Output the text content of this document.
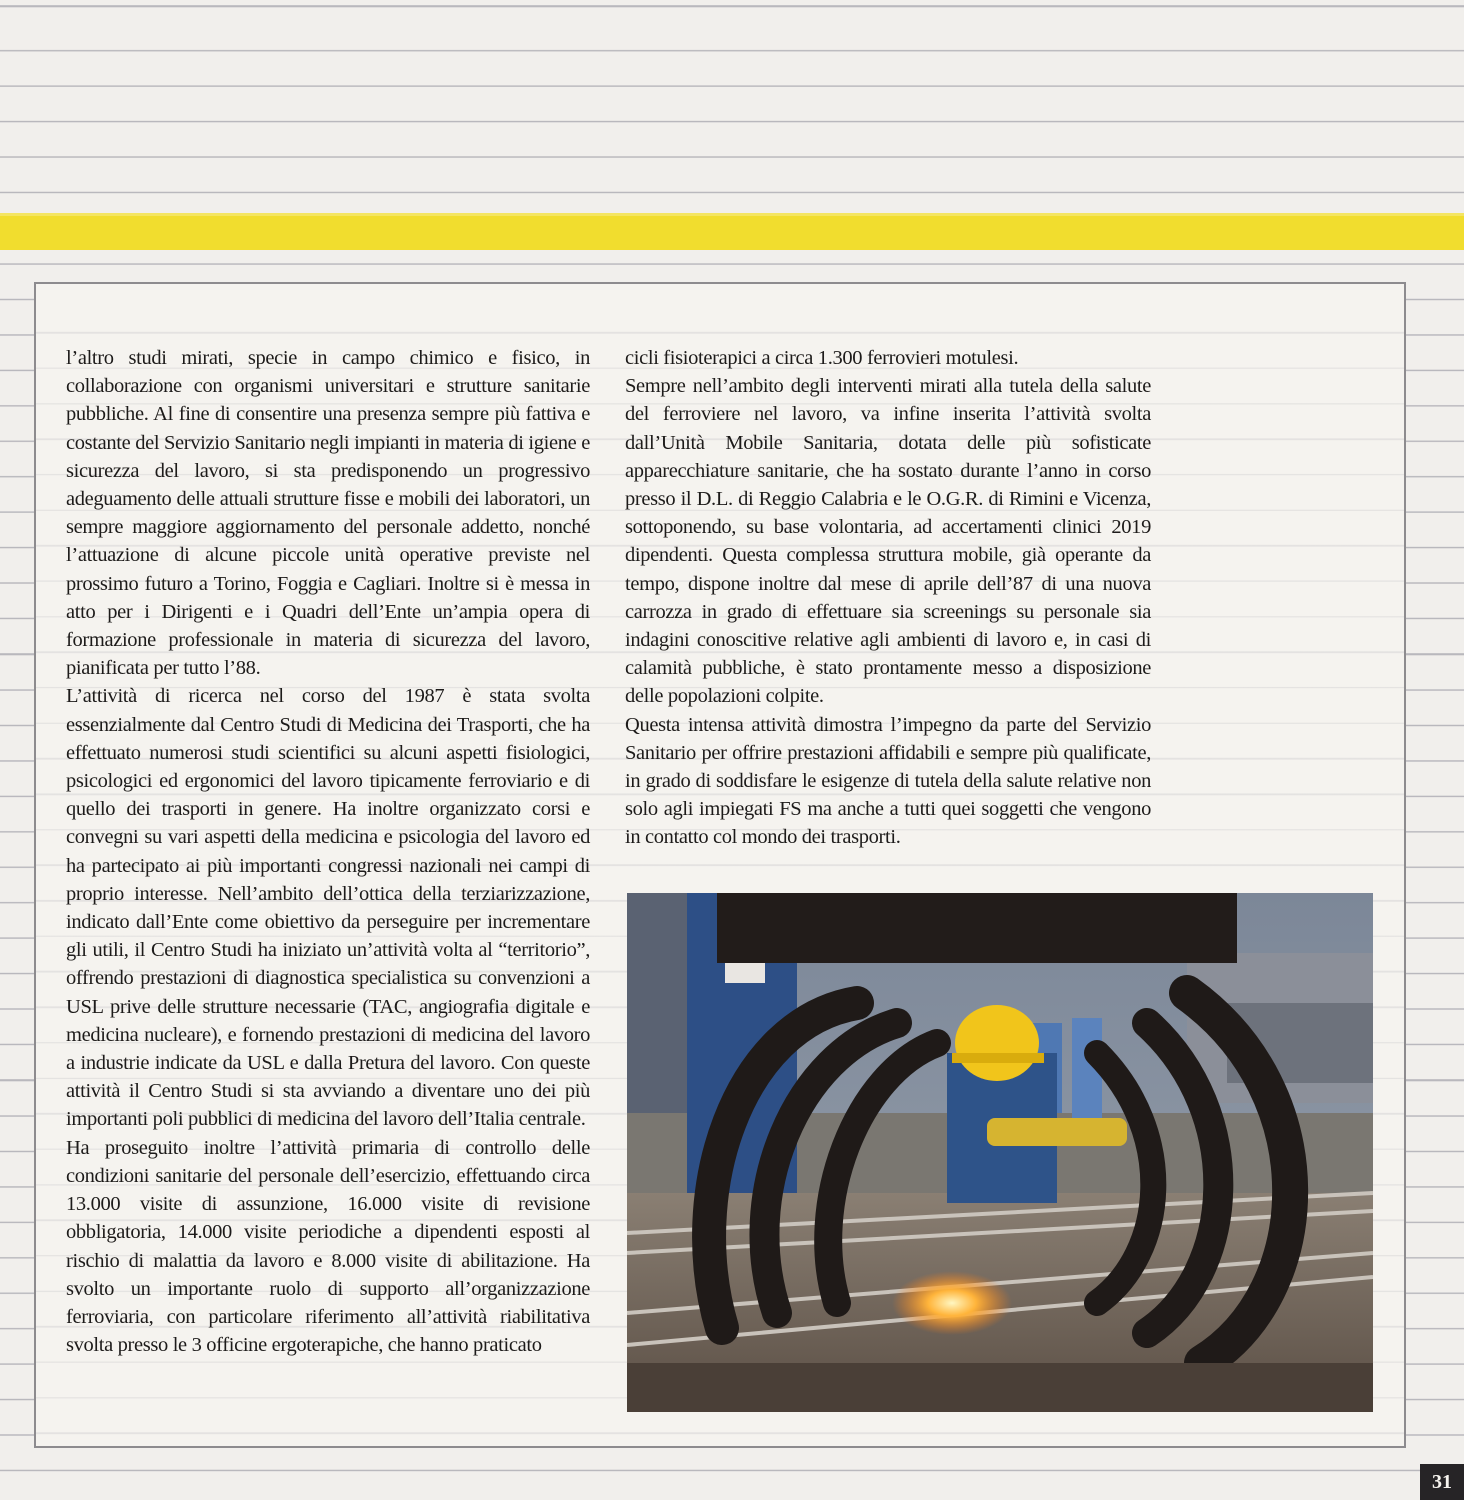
l’altro studi mirati, specie in campo chimico e fisico, in collaborazione con organismi universitari e strutture sanitarie pubbliche. Al fine di consentire una presenza sempre più fattiva e costante del Servizio Sanitario negli impianti in materia di igiene e sicurezza del lavoro, si sta predisponendo un progressivo adeguamento delle attuali strutture fisse e mobili dei laboratori, un sempre maggiore aggiornamento del personale addetto, nonché l’attuazione di alcune piccole unità operative previste nel prossimo futuro a Torino, Foggia e Cagliari. Inoltre si è messa in atto per i Dirigenti e i Quadri dell’Ente un’ampia opera di formazione professionale in materia di sicurezza del lavoro, pianificata per tutto l’88.

L’attività di ricerca nel corso del 1987 è stata svolta essenzialmente dal Centro Studi di Medicina dei Trasporti, che ha effettuato numerosi studi scientifici su alcuni aspetti fisiologici, psicologici ed ergonomici del lavoro tipicamente ferroviario e di quello dei trasporti in genere. Ha inoltre organizzato corsi e convegni su vari aspetti della medicina e psicologia del lavoro ed ha partecipato ai più importanti congressi nazionali nei campi di proprio interesse. Nell’ambito dell’ottica della terziarizzazione, indicato dall’Ente come obiettivo da perseguire per incrementare gli utili, il Centro Studi ha iniziato un’attività volta al “territorio”, offrendo prestazioni di diagnostica specialistica su convenzioni a USL prive delle strutture necessarie (TAC, angiografia digitale e medicina nucleare), e fornendo prestazioni di medicina del lavoro a industrie indicate da USL e dalla Pretura del lavoro. Con queste attività il Centro Studi si sta avviando a diventare uno dei più importanti poli pubblici di medicina del lavoro dell’Italia centrale.

Ha proseguito inoltre l’attività primaria di controllo delle condizioni sanitarie del personale dell’esercizio, effettuando circa 13.000 visite di assunzione, 16.000 visite di revisione obbligatoria, 14.000 visite periodiche a dipendenti esposti al rischio di malattia da lavoro e 8.000 visite di abilitazione. Ha svolto un importante ruolo di supporto all’organizzazione ferroviaria, con particolare riferimento all’attività riabilitativa svolta presso le 3 officine ergoterapiche, che hanno praticato

cicli fisioterapici a circa 1.300 ferrovieri motulesi.

Sempre nell’ambito degli interventi mirati alla tutela della salute del ferroviere nel lavoro, va infine inserita l’attività svolta dall’Unità Mobile Sanitaria, dotata delle più sofisticate apparecchiature sanitarie, che ha sostato durante l’anno in corso presso il D.L. di Reggio Calabria e le O.G.R. di Rimini e Vicenza, sottoponendo, su base volontaria, ad accertamenti clinici 2019 dipendenti. Questa complessa struttura mobile, già operante da tempo, dispone inoltre dal mese di aprile dell’87 di una nuova carrozza in grado di effettuare sia screenings su personale sia indagini conoscitive relative agli ambienti di lavoro e, in casi di calamità pubbliche, è stato prontamente messo a disposizione delle popolazioni colpite.

Questa intensa attività dimostra l’impegno da parte del Servizio Sanitario per offrire prestazioni affidabili e sempre più qualificate, in grado di soddisfare le esigenze di tutela della salute relative non solo agli impiegati FS ma anche a tutti quei soggetti che vengono in contatto col mondo dei trasporti.

31
